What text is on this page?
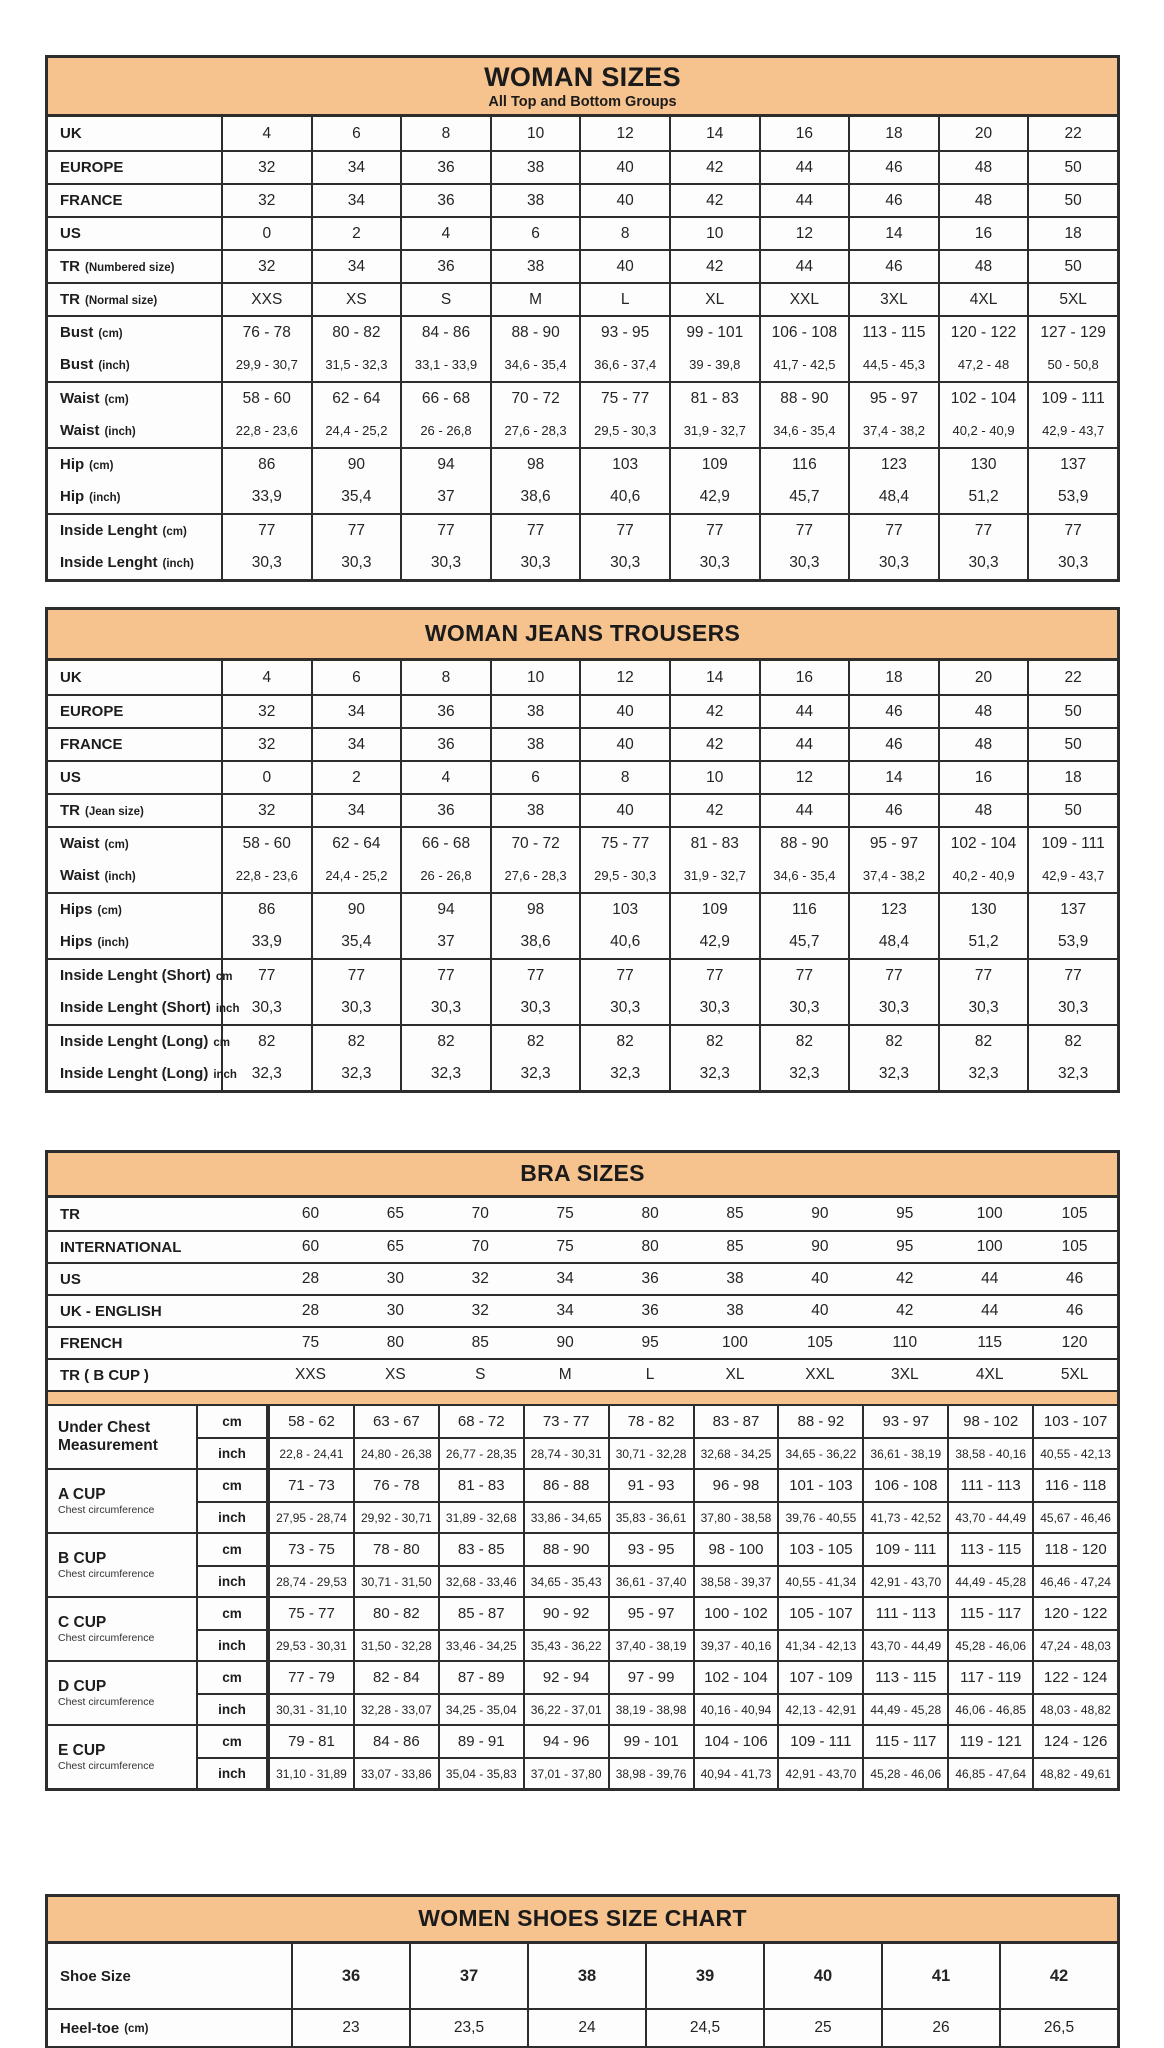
WOMAN SIZES
All Top and Bottom Groups
UK	4	6	8	10	12	14	16	18	20	22
EUROPE	32	34	36	38	40	42	44	46	48	50
FRANCE	32	34	36	38	40	42	44	46	48	50
US	0	2	4	6	8	10	12	14	16	18
TR (Numbered size)	32	34	36	38	40	42	44	46	48	50
TR (Normal size)	XXS	XS	S	M	L	XL	XXL	3XL	4XL	5XL
Bust (cm)	76 - 78	80 - 82	84 - 86	88 - 90	93 - 95	99 - 101	106 - 108	113 - 115	120 - 122	127 - 129
Bust (inch)	29,9 - 30,7	31,5 - 32,3	33,1 - 33,9	34,6 - 35,4	36,6 - 37,4	39 - 39,8	41,7 - 42,5	44,5 - 45,3	47,2 - 48	50 - 50,8
Waist (cm)	58 - 60	62 - 64	66 - 68	70 - 72	75 - 77	81 - 83	88 - 90	95 - 97	102 - 104	109 - 111
Waist (inch)	22,8 - 23,6	24,4 - 25,2	26 - 26,8	27,6 - 28,3	29,5 - 30,3	31,9 - 32,7	34,6 - 35,4	37,4 - 38,2	40,2 - 40,9	42,9 - 43,7
Hip (cm)	86	90	94	98	103	109	116	123	130	137
Hip (inch)	33,9	35,4	37	38,6	40,6	42,9	45,7	48,4	51,2	53,9
Inside Lenght (cm)	77	77	77	77	77	77	77	77	77	77
Inside Lenght (inch)	30,3	30,3	30,3	30,3	30,3	30,3	30,3	30,3	30,3	30,3
WOMAN JEANS TROUSERS
UK	4	6	8	10	12	14	16	18	20	22
EUROPE	32	34	36	38	40	42	44	46	48	50
FRANCE	32	34	36	38	40	42	44	46	48	50
US	0	2	4	6	8	10	12	14	16	18
TR (Jean size)	32	34	36	38	40	42	44	46	48	50
Waist (cm)	58 - 60	62 - 64	66 - 68	70 - 72	75 - 77	81 - 83	88 - 90	95 - 97	102 - 104	109 - 111
Waist (inch)	22,8 - 23,6	24,4 - 25,2	26 - 26,8	27,6 - 28,3	29,5 - 30,3	31,9 - 32,7	34,6 - 35,4	37,4 - 38,2	40,2 - 40,9	42,9 - 43,7
Hips (cm)	86	90	94	98	103	109	116	123	130	137
Hips (inch)	33,9	35,4	37	38,6	40,6	42,9	45,7	48,4	51,2	53,9
Inside Lenght (Short) cm	77	77	77	77	77	77	77	77	77	77
Inside Lenght (Short) inch 30,3	30,3	30,3	30,3	30,3	30,3	30,3	30,3	30,3	30,3
Inside Lenght (Long) cm	82	82	82	82	82	82	82	82	82	82
Inside Lenght (Long) inch 32,3	32,3	32,3	32,3	32,3	32,3	32,3	32,3	32,3	32,3
BRA SIZES
TR	60	65	70	75	80	85	90	95	100	105
INTERNATIONAL	60	65	70	75	80	85	90	95	100	105
US	28	30	32	34	36	38	40	42	44	46
UK - ENGLISH	28	30	32	34	36	38	40	42	44	46
FRENCH	75	80	85	90	95	100	105	110	115	120
TR ( B CUP )	XXS	XS	S	M	L	XL	XXL	3XL	4XL	5XL
Under Chest Measurement
cm	58 - 62	63 - 67	68 - 72	73 - 77	78 - 82	83 - 87	88 - 92	93 - 97	98 - 102	103 - 107
inch	22,8 - 24,41	24,80 - 26,38	26,77 - 28,35	28,74 - 30,31	30,71 - 32,28	32,68 - 34,25	34,65 - 36,22	36,61 - 38,19	38,58 - 40,16	40,55 - 42,13
A CUP
Chest circumference
cm	71 - 73	76 - 78	81 - 83	86 - 88	91 - 93	96 - 98	101 - 103	106 - 108	111 - 113	116 - 118
inch	27,95 - 28,74	29,92 - 30,71	31,89 - 32,68	33,86 - 34,65	35,83 - 36,61	37,80 - 38,58	39,76 - 40,55	41,73 - 42,52	43,70 - 44,49	45,67 - 46,46
B CUP
Chest circumference
cm	73 - 75	78 - 80	83 - 85	88 - 90	93 - 95	98 - 100	103 - 105	109 - 111	113 - 115	118 - 120
inch	28,74 - 29,53	30,71 - 31,50	32,68 - 33,46	34,65 - 35,43	36,61 - 37,40	38,58 - 39,37	40,55 - 41,34	42,91 - 43,70	44,49 - 45,28	46,46 - 47,24
C CUP
Chest circumference
cm	75 - 77	80 - 82	85 - 87	90 - 92	95 - 97	100 - 102	105 - 107	111 - 113	115 - 117	120 - 122
inch	29,53 - 30,31	31,50 - 32,28	33,46 - 34,25	35,43 - 36,22	37,40 - 38,19	39,37 - 40,16	41,34 - 42,13	43,70 - 44,49	45,28 - 46,06	47,24 - 48,03
D CUP
Chest circumference
cm	77 - 79	82 - 84	87 - 89	92 - 94	97 - 99	102 - 104	107 - 109	113 - 115	117 - 119	122 - 124
inch	30,31 - 31,10	32,28 - 33,07	34,25 - 35,04	36,22 - 37,01	38,19 - 38,98	40,16 - 40,94	42,13 - 42,91	44,49 - 45,28	46,06 - 46,85	48,03 - 48,82
E CUP
Chest circumference
cm	79 - 81	84 - 86	89 - 91	94 - 96	99 - 101	104 - 106	109 - 111	115 - 117	119 - 121	124 - 126
inch	31,10 - 31,89	33,07 - 33,86	35,04 - 35,83	37,01 - 37,80	38,98 - 39,76	40,94 - 41,73	42,91 - 43,70	45,28 - 46,06	46,85 - 47,64	48,82 - 49,61
WOMEN SHOES SIZE CHART
Shoe Size	36	37	38	39	40	41	42
Heel-toe (cm)	23	23,5	24	24,5	25	26	26,5
